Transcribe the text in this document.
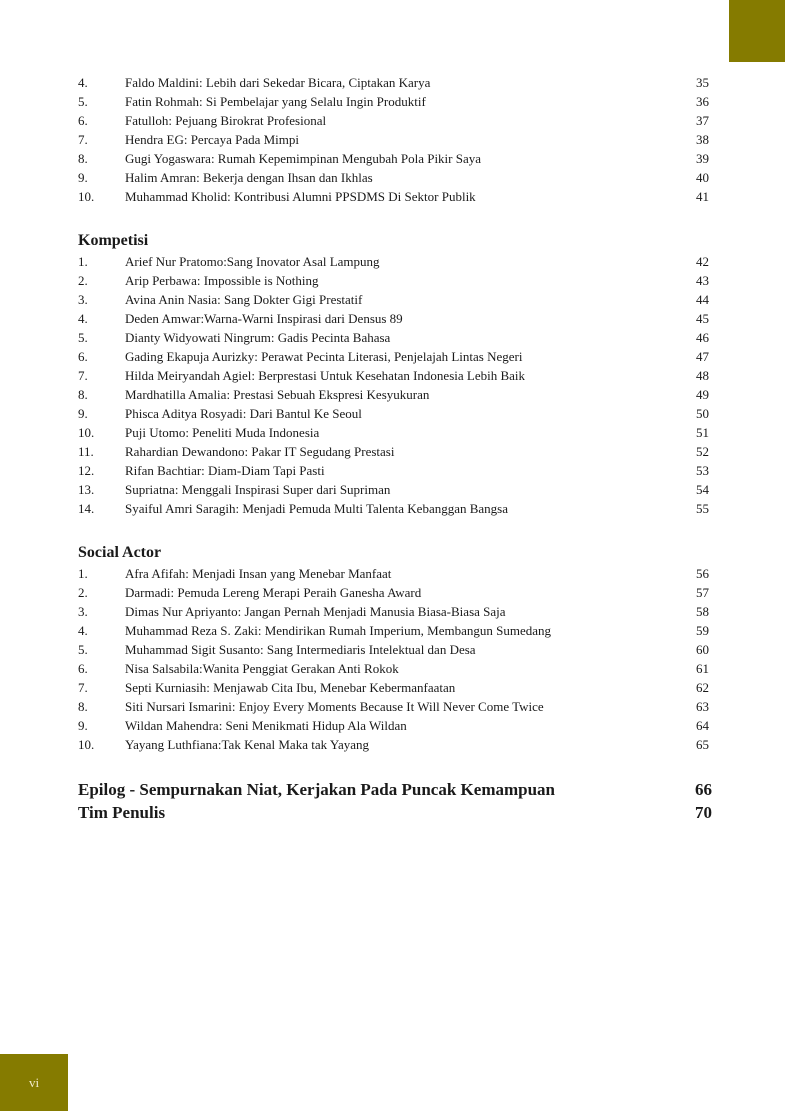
4.	Faldo Maldini: Lebih dari Sekedar Bicara, Ciptakan Karya	35
5.	Fatin Rohmah: Si Pembelajar yang Selalu Ingin Produktif	36
6.	Fatulloh: Pejuang Birokrat Profesional	37
7.	Hendra EG: Percaya Pada Mimpi	38
8.	Gugi Yogaswara: Rumah Kepemimpinan Mengubah Pola Pikir Saya	39
9.	Halim Amran: Bekerja dengan Ihsan dan Ikhlas	40
10.	Muhammad Kholid: Kontribusi Alumni PPSDMS Di Sektor Publik	41
Kompetisi
1.	Arief Nur Pratomo:Sang Inovator Asal Lampung	42
2.	Arip Perbawa: Impossible is Nothing	43
3.	Avina Anin Nasia: Sang Dokter Gigi Prestatif	44
4.	Deden Amwar:Warna-Warni Inspirasi dari Densus 89	45
5.	Dianty Widyowati Ningrum: Gadis Pecinta Bahasa	46
6.	Gading Ekapuja Aurizky: Perawat Pecinta Literasi, Penjelajah Lintas Negeri	47
7.	Hilda Meiryandah Agiel: Berprestasi Untuk Kesehatan Indonesia Lebih Baik	48
8.	Mardhatilla Amalia: Prestasi Sebuah Ekspresi Kesyukuran	49
9.	Phisca Aditya Rosyadi: Dari Bantul Ke Seoul	50
10.	Puji Utomo: Peneliti Muda Indonesia	51
11.	Rahardian Dewandono: Pakar IT Segudang Prestasi	52
12.	Rifan Bachtiar: Diam-Diam Tapi Pasti	53
13.	Supriatna: Menggali Inspirasi Super dari Supriman	54
14.	Syaiful Amri Saragih: Menjadi Pemuda Multi Talenta Kebanggan Bangsa	55
Social Actor
1.	Afra Afifah: Menjadi Insan yang Menebar Manfaat	56
2.	Darmadi: Pemuda Lereng Merapi Peraih Ganesha Award	57
3.	Dimas Nur Apriyanto: Jangan Pernah Menjadi Manusia Biasa-Biasa Saja	58
4.	Muhammad Reza S. Zaki: Mendirikan Rumah Imperium, Membangun Sumedang	59
5.	Muhammad Sigit Susanto: Sang Intermediaris Intelektual dan Desa	60
6.	Nisa Salsabila:Wanita Penggiat Gerakan Anti Rokok	61
7.	Septi Kurniasih: Menjawab Cita Ibu, Menebar Kebermanfaatan	62
8.	Siti Nursari Ismarini: Enjoy Every Moments Because It Will Never Come Twice	63
9.	Wildan Mahendra: Seni Menikmati Hidup Ala Wildan	64
10.	Yayang Luthfiana:Tak Kenal Maka tak Yayang	65
Epilog - Sempurnakan Niat, Kerjakan Pada Puncak Kemampuan	66
Tim Penulis	70
vi
